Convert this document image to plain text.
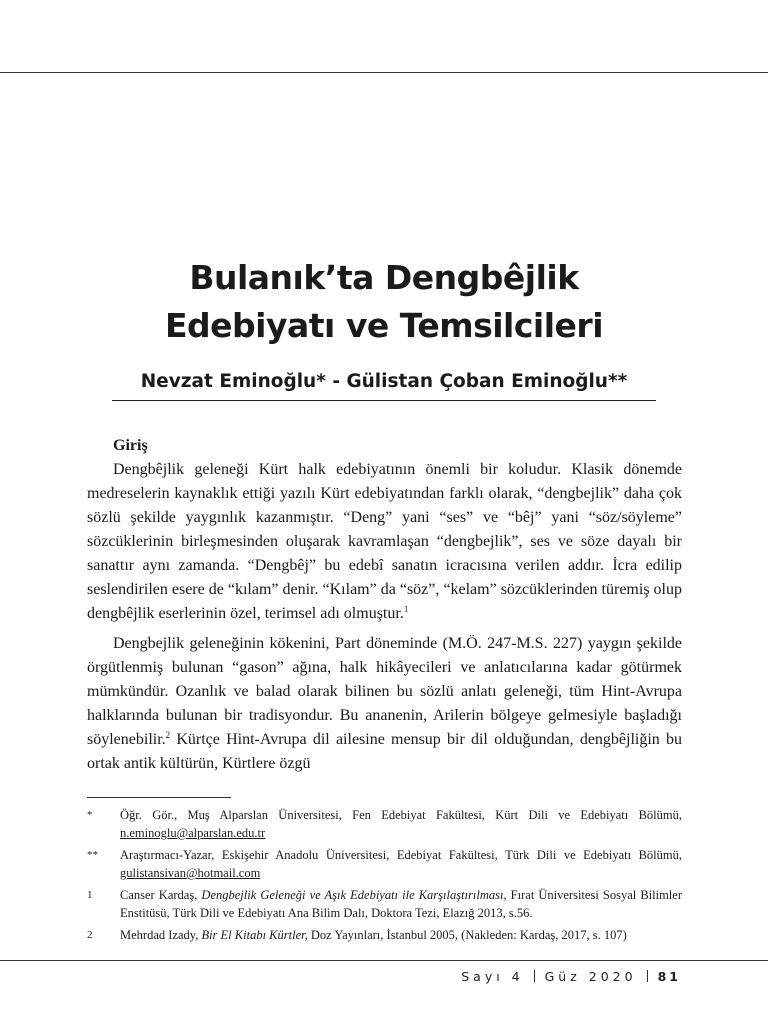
Bulanık’ta Dengbêjlik
Edebiyatı ve Temsilcileri
Nevzat Eminoğlu* - Gülistan Çoban Eminoğlu**
Giriş

Dengbêjlik geleneği Kürt halk edebiyatının önemli bir koludur. Klasik dönemde medreselerin kaynaklık ettiği yazılı Kürt edebiyatından farklı olarak, “dengbejlik” daha çok sözlü şekilde yaygınlık kazanmıştır. “Deng” yani “ses” ve “bêj” yani “söz/söyleme” sözcüklerinin birleşmesinden oluşarak kavramlaşan “dengbejlik”, ses ve söze dayalı bir sanattır aynı zamanda. “Dengbêj” bu edebî sanatın icracısına verilen addır. İcra edilip seslendirilen esere de “kılam” denir. “Kılam” da “söz”, “kelam” sözcüklerinden türemiş olup dengbêjlik eserlerinin özel, terimsel adı olmuştur.$^1$

Dengbejlik geleneğinin kökenini, Part döneminde (M.Ö. 247-M.S. 227) yaygın şekilde örgütlenmiş bulunan “gason” ağına, halk hikâyecileri ve anlatıcılarına kadar götürmek mümkündür. Ozanlık ve balad olarak bilinen bu sözlü anlatı geleneği, tüm Hint-Avrupa halklarında bulunan bir tradisyondur. Bu ananenin, Arilerin bölgeye gelmesiyle başladığı söylenebilir.$^2$ Kürtçe Hint-Avrupa dil ailesine mensup bir dil olduğundan, dengbêjliğin bu ortak antik kültürün, Kürtlere özgü

*	Öğr. Gör., Muş Alparslan Üniversitesi, Fen Edebiyat Fakültesi, Kürt Dili ve Edebiyatı Bölümü, n.eminoglu@alparslan.edu.tr
**	Araştırmacı-Yazar, Eskişehir Anadolu Üniversitesi, Edebiyat Fakültesi, Türk Dili ve Edebiyatı Bölümü, gulistansivan@hotmail.com
1	Canser Kardaş, Dengbejlik Geleneği ve Aşık Edebiyatı ile Karşılaştırılması, Fırat Üniversitesi Sosyal Bilimler Enstitüsü, Türk Dili ve Edebiyatı Ana Bilim Dalı, Doktora Tezi, Elazığ 2013, s.56.
2	Mehrdad Izady, Bir El Kitabı Kürtler, Doz Yayınları, İstanbul 2005, (Nakleden: Kardaş, 2017, s. 107)
Sayı 4 Güz 2020 81
